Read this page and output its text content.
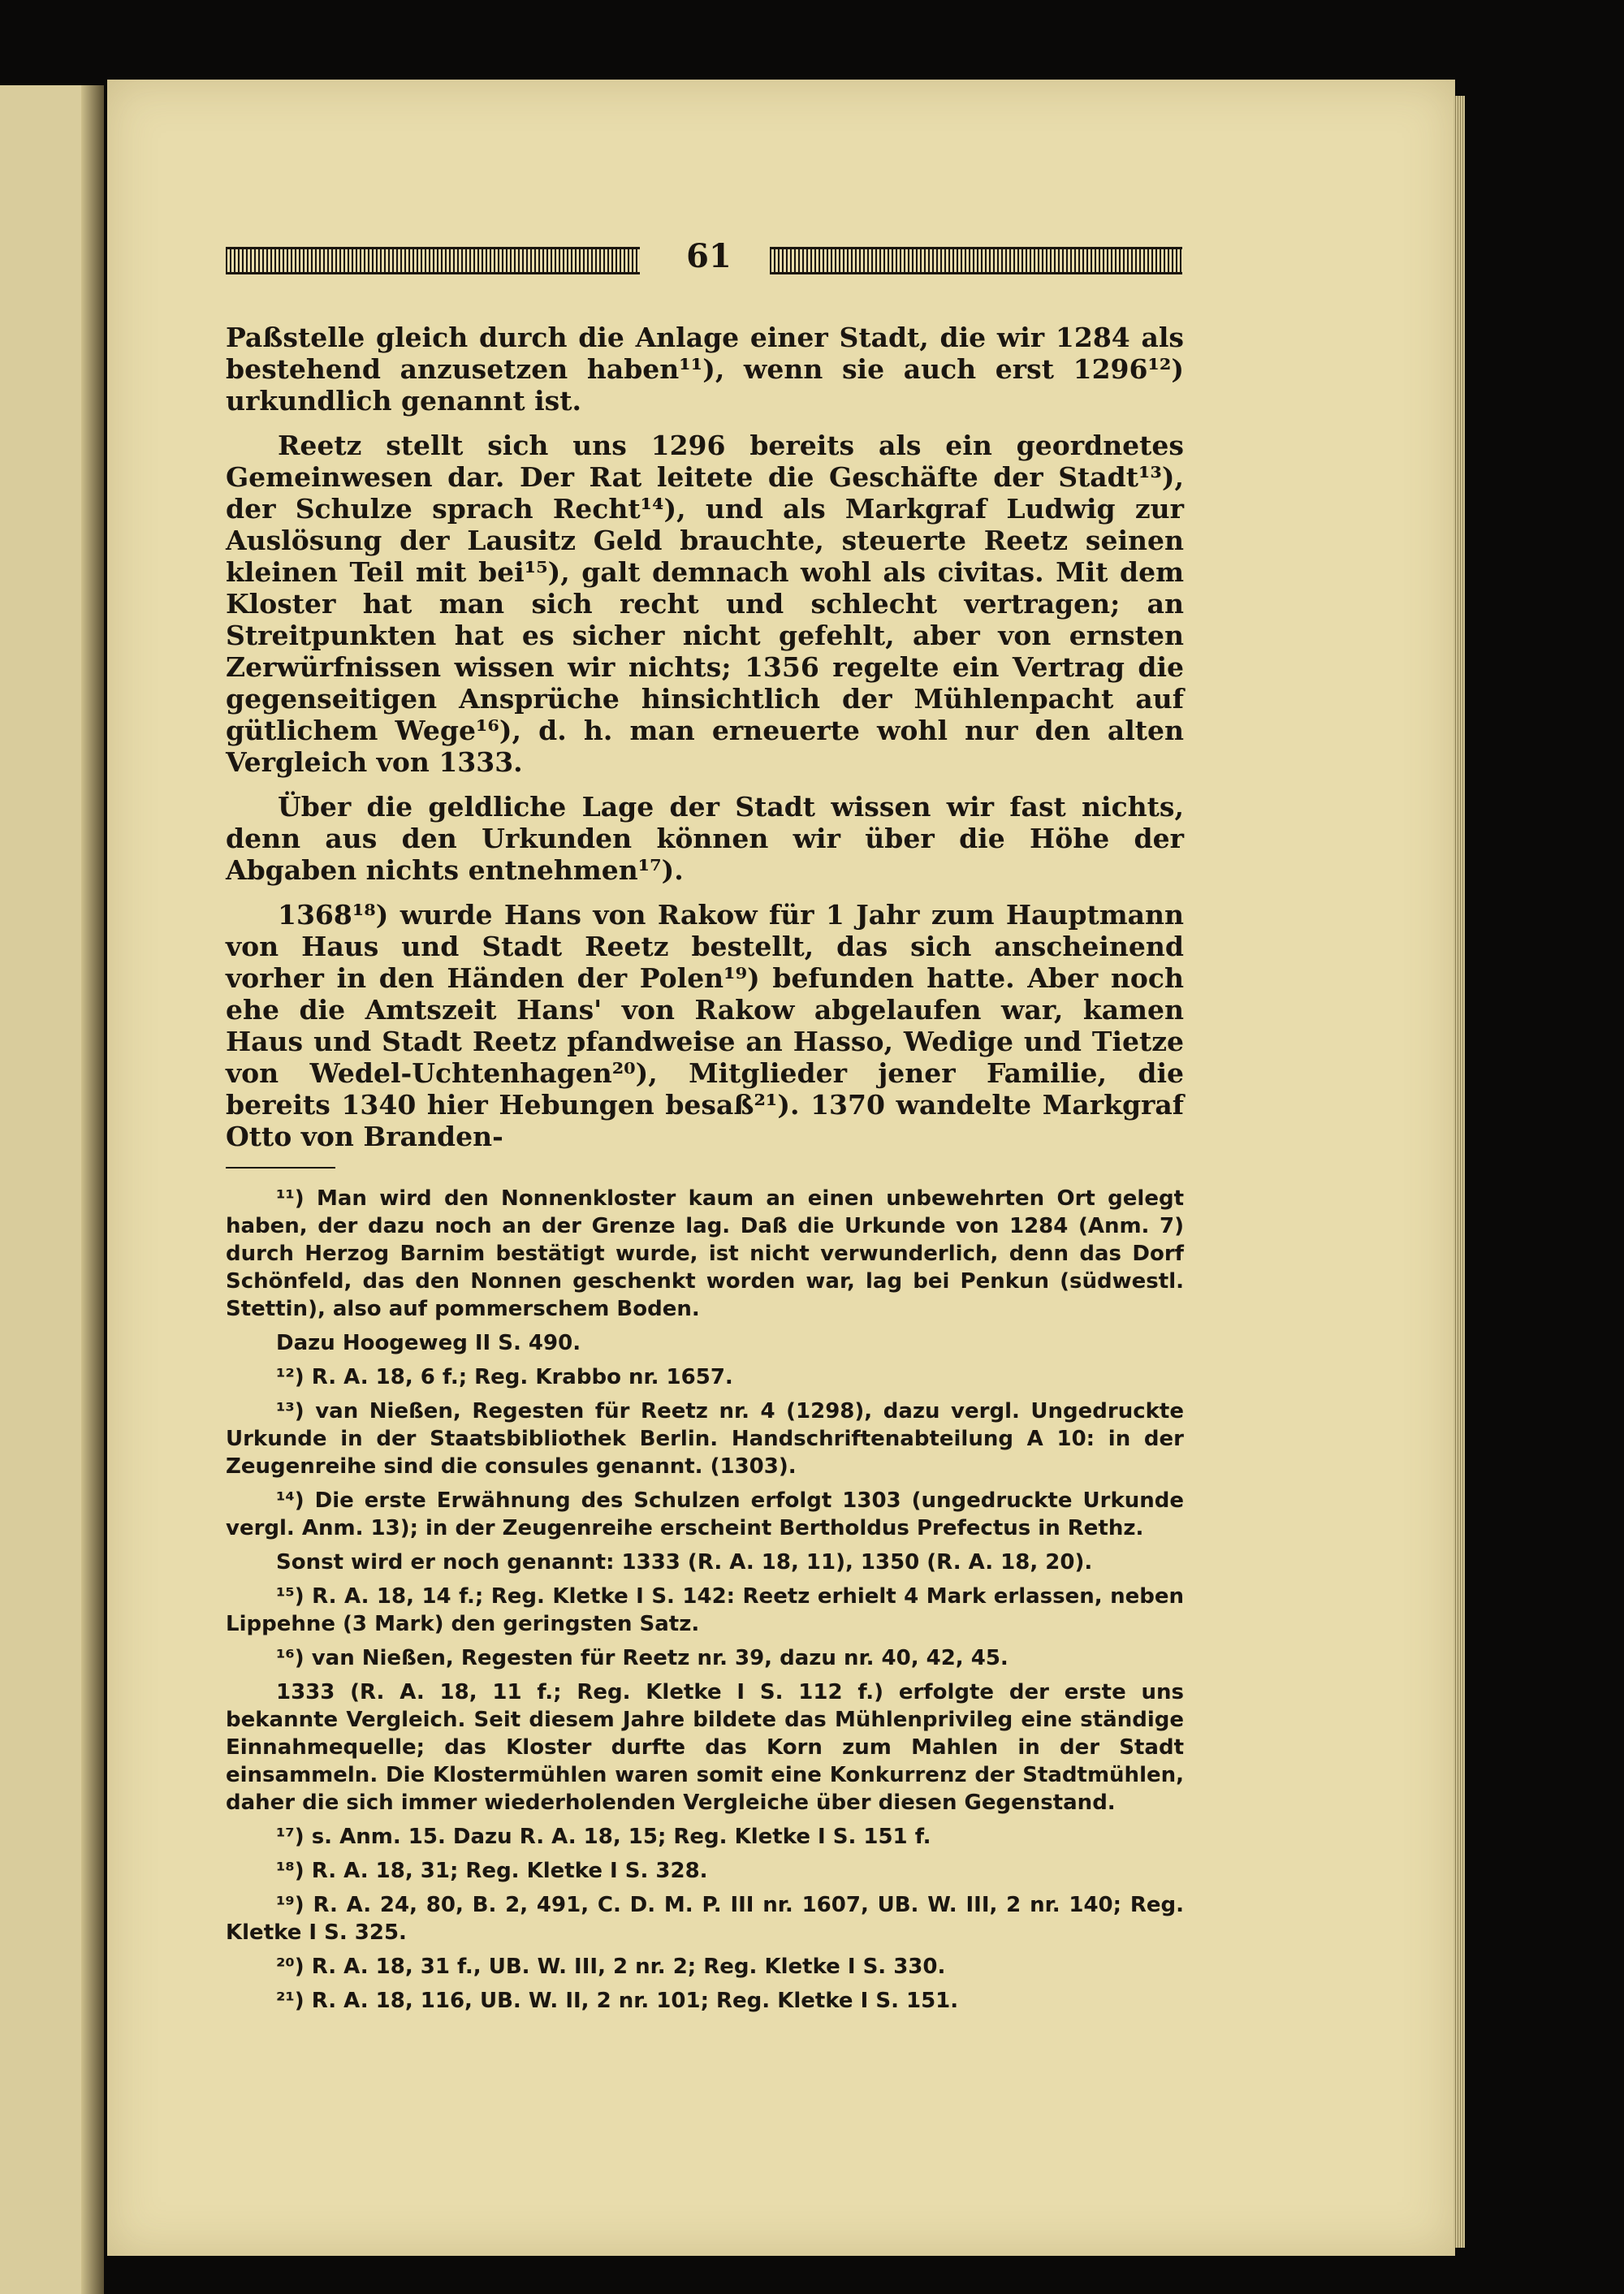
61

Paßstelle gleich durch die Anlage einer Stadt, die wir 1284 als bestehend anzusetzen haben¹¹), wenn sie auch erst 1296¹²) urkundlich genannt ist.

Reetz stellt sich uns 1296 bereits als ein geordnetes Gemeinwesen dar. Der Rat leitete die Geschäfte der Stadt¹³), der Schulze sprach Recht¹⁴), und als Markgraf Ludwig zur Auslösung der Lausitz Geld brauchte, steuerte Reetz seinen kleinen Teil mit bei¹⁵), galt demnach wohl als civitas. Mit dem Kloster hat man sich recht und schlecht vertragen; an Streitpunkten hat es sicher nicht gefehlt, aber von ernsten Zerwürfnissen wissen wir nichts; 1356 regelte ein Vertrag die gegenseitigen Ansprüche hinsichtlich der Mühlenpacht auf gütlichem Wege¹⁶), d. h. man erneuerte wohl nur den alten Vergleich von 1333.

Über die geldliche Lage der Stadt wissen wir fast nichts, denn aus den Urkunden können wir über die Höhe der Abgaben nichts entnehmen¹⁷).

1368¹⁸) wurde Hans von Rakow für 1 Jahr zum Hauptmann von Haus und Stadt Reetz bestellt, das sich anscheinend vorher in den Händen der Polen¹⁹) befunden hatte. Aber noch ehe die Amtszeit Hans' von Rakow abgelaufen war, kamen Haus und Stadt Reetz pfandweise an Hasso, Wedige und Tietze von Wedel-Uchtenhagen²⁰), Mitglieder jener Familie, die bereits 1340 hier Hebungen besaß²¹). 1370 wandelte Markgraf Otto von Branden-

¹¹) Man wird den Nonnenkloster kaum an einen unbewehrten Ort gelegt haben, der dazu noch an der Grenze lag. Daß die Urkunde von 1284 (Anm. 7) durch Herzog Barnim bestätigt wurde, ist nicht verwunderlich, denn das Dorf Schönfeld, das den Nonnen geschenkt worden war, lag bei Penkun (südwestl. Stettin), also auf pommerschem Boden.

Dazu Hoogeweg II S. 490.

¹²) R. A. 18, 6 f.; Reg. Krabbo nr. 1657.

¹³) van Nießen, Regesten für Reetz nr. 4 (1298), dazu vergl. Ungedruckte Urkunde in der Staatsbibliothek Berlin. Handschriftenabteilung A 10: in der Zeugenreihe sind die consules genannt. (1303).

¹⁴) Die erste Erwähnung des Schulzen erfolgt 1303 (ungedruckte Urkunde vergl. Anm. 13); in der Zeugenreihe erscheint Bertholdus Prefectus in Rethz.

Sonst wird er noch genannt: 1333 (R. A. 18, 11), 1350 (R. A. 18, 20).

¹⁵) R. A. 18, 14 f.; Reg. Kletke I S. 142: Reetz erhielt 4 Mark erlassen, neben Lippehne (3 Mark) den geringsten Satz.

¹⁶) van Nießen, Regesten für Reetz nr. 39, dazu nr. 40, 42, 45.

1333 (R. A. 18, 11 f.; Reg. Kletke I S. 112 f.) erfolgte der erste uns bekannte Vergleich. Seit diesem Jahre bildete das Mühlenprivileg eine ständige Einnahmequelle; das Kloster durfte das Korn zum Mahlen in der Stadt einsammeln. Die Klostermühlen waren somit eine Konkurrenz der Stadtmühlen, daher die sich immer wiederholenden Vergleiche über diesen Gegenstand.

¹⁷) s. Anm. 15. Dazu R. A. 18, 15; Reg. Kletke I S. 151 f.

¹⁸) R. A. 18, 31; Reg. Kletke I S. 328.

¹⁹) R. A. 24, 80, B. 2, 491, C. D. M. P. III nr. 1607, UB. W. III, 2 nr. 140; Reg. Kletke I S. 325.

²⁰) R. A. 18, 31 f., UB. W. III, 2 nr. 2; Reg. Kletke I S. 330.

²¹) R. A. 18, 116, UB. W. II, 2 nr. 101; Reg. Kletke I S. 151.
